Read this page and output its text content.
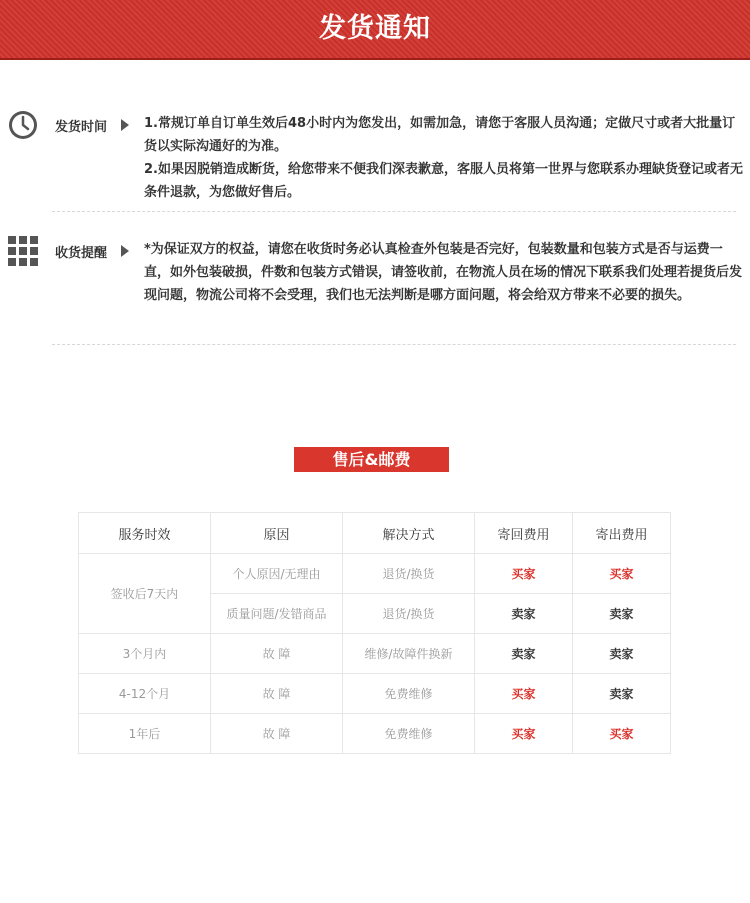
发货通知
发货时间	1.常规订单自订单生效后48小时内为您发出，如需加急，请您于客服人员沟通；定做尺寸或者大批量订货以实际沟通好的为准。

2.如果因脱销造成断货，给您带来不便我们深表歉意，客服人员将第一世界与您联系办理缺货登记或者无条件退款，为您做好售后。

收货提醒	*为保证双方的权益，请您在收货时务必认真检查外包装是否完好，包装数量和包装方式是否与运费一直，如外包装破损，件数和包装方式错误，请签收前，在物流人员在场的情况下联系我们处理若提货后发现问题，物流公司将不会受理，我们也无法判断是哪方面问题，将会给双方带来不必要的损失。
售后&邮费
服务时效	原因	解决方式	寄回费用	寄出费用
签收后7天内	个人原因/无理由	退货/换货	买家	买家
	质量问题/发错商品	退货/换货	卖家	卖家
3个月内	故 障	维修/故障件换新	卖家	卖家
4-12个月	故 障	免费维修	买家	卖家
1年后	故 障	免费维修	买家	买家
